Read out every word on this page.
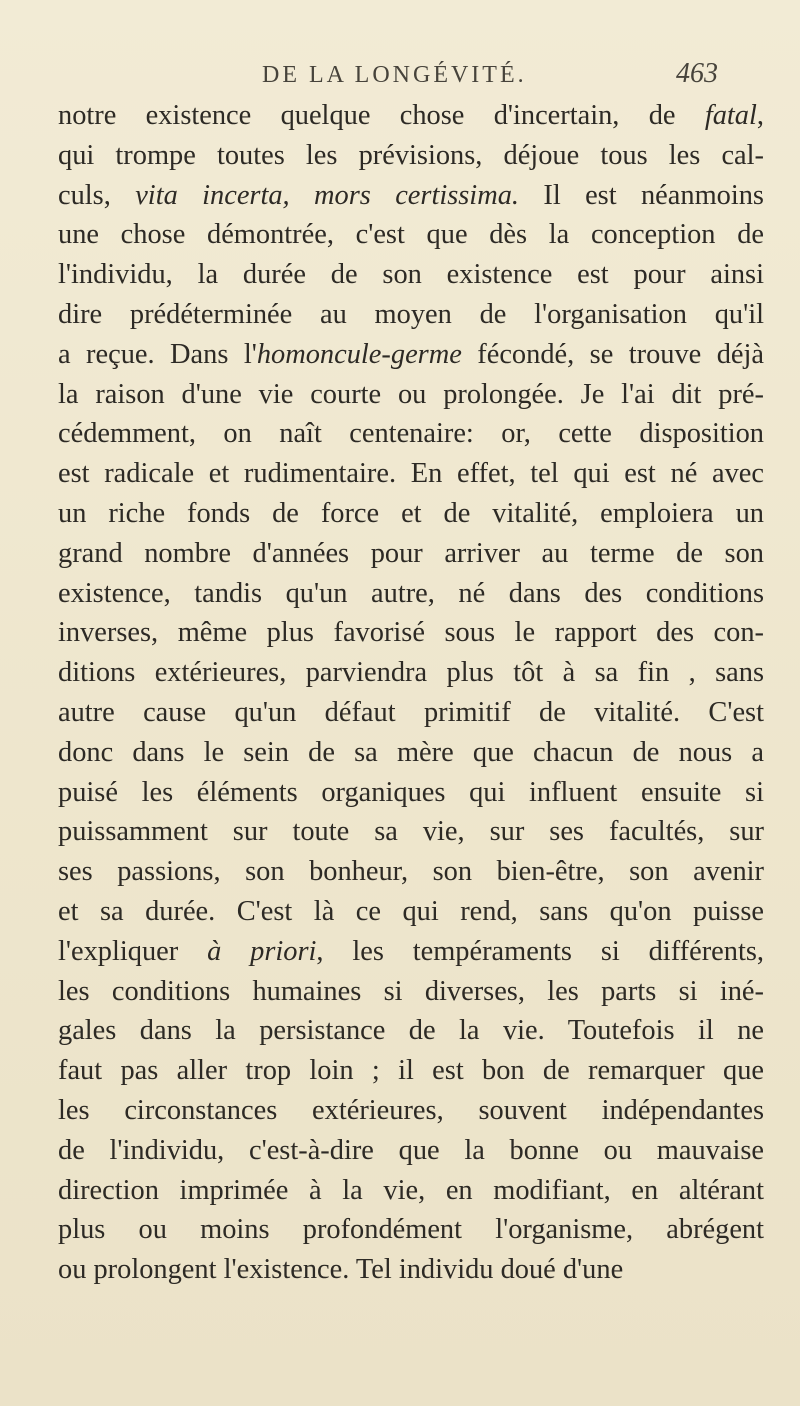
DE LA LONGÉVITÉ.	463
notre existence quelque chose d'incertain, de fatal,
qui trompe toutes les prévisions, déjoue tous les cal-
culs, vita incerta, mors certissima. Il est néanmoins
une chose démontrée, c'est que dès la conception de
l'individu, la durée de son existence est pour ainsi
dire prédéterminée au moyen de l'organisation qu'il
a reçue. Dans l'homoncule-germe fécondé, se trouve déjà
la raison d'une vie courte ou prolongée. Je l'ai dit pré-
cédemment, on naît centenaire: or, cette disposition
est radicale et rudimentaire. En effet, tel qui est né avec
un riche fonds de force et de vitalité, emploiera un
grand nombre d'années pour arriver au terme de son
existence, tandis qu'un autre, né dans des conditions
inverses, même plus favorisé sous le rapport des con-
ditions extérieures, parviendra plus tôt à sa fin , sans
autre cause qu'un défaut primitif de vitalité. C'est
donc dans le sein de sa mère que chacun de nous a
puisé les éléments organiques qui influent ensuite si
puissamment sur toute sa vie, sur ses facultés, sur
ses passions, son bonheur, son bien-être, son avenir
et sa durée. C'est là ce qui rend, sans qu'on puisse
l'expliquer à priori, les tempéraments si différents,
les conditions humaines si diverses, les parts si iné-
gales dans la persistance de la vie. Toutefois il ne
faut pas aller trop loin ; il est bon de remarquer que
les circonstances extérieures, souvent indépendantes
de l'individu, c'est-à-dire que la bonne ou mauvaise
direction imprimée à la vie, en modifiant, en altérant
plus ou moins profondément l'organisme, abrégent
ou prolongent l'existence. Tel individu doué d'une
